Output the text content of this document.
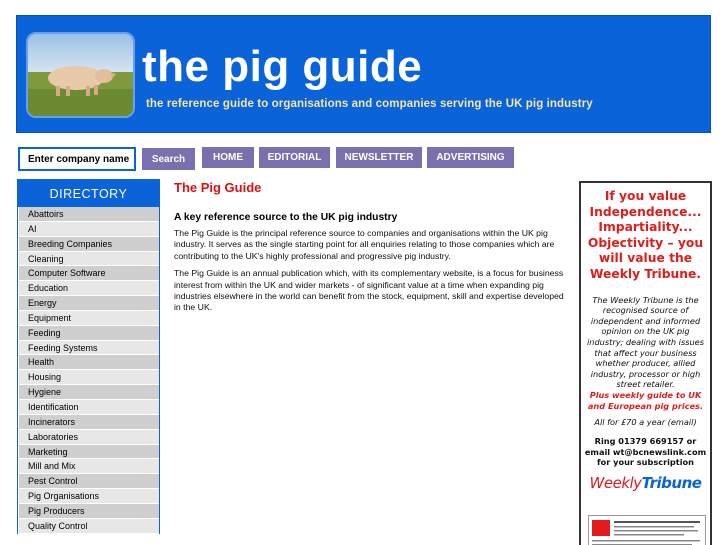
the pig guide
the reference guide to organisations and companies serving the UK pig industry
Enter company name
Search	HOME	EDITORIAL	NEWSLETTER	ADVERTISING
DIRECTORY
Abattoirs
AI
Breeding Companies
Cleaning
Computer Software
Education
Energy
Equipment
Feeding
Feeding Systems
Health
Housing
Hygiene
Identification
Incinerators
Laboratories
Marketing
Mill and Mix
Pest Control
Pig Organisations
Pig Producers
Quality Control
The Pig Guide
A key reference source to the UK pig industry

The Pig Guide is the principal reference source to companies and organisations within the UK pig industry. It serves as the single starting point for all enquiries relating to those companies which are contributing to the UK's highly professional and progressive pig industry.

The Pig Guide is an annual publication which, with its complementary website, is a focus for business interest from within the UK and wider markets - of significant value at a time when expanding pig industries elsewhere in the world can benefit from the stock, equipment, skill and expertise developed in the UK.

If you value Independence... Impartiality... Objectivity – you will value the Weekly Tribune.
The Weekly Tribune is the recognised source of independent and informed opinion on the UK pig industry; dealing with issues that affect your business whether producer, allied industry, processor or high street retailer.
Plus weekly guide to UK and European pig prices.
All for £70 a year (email)
Ring 01379 669157 or email wt@bcnewslink.com for your subscription
WeeklyTribune
